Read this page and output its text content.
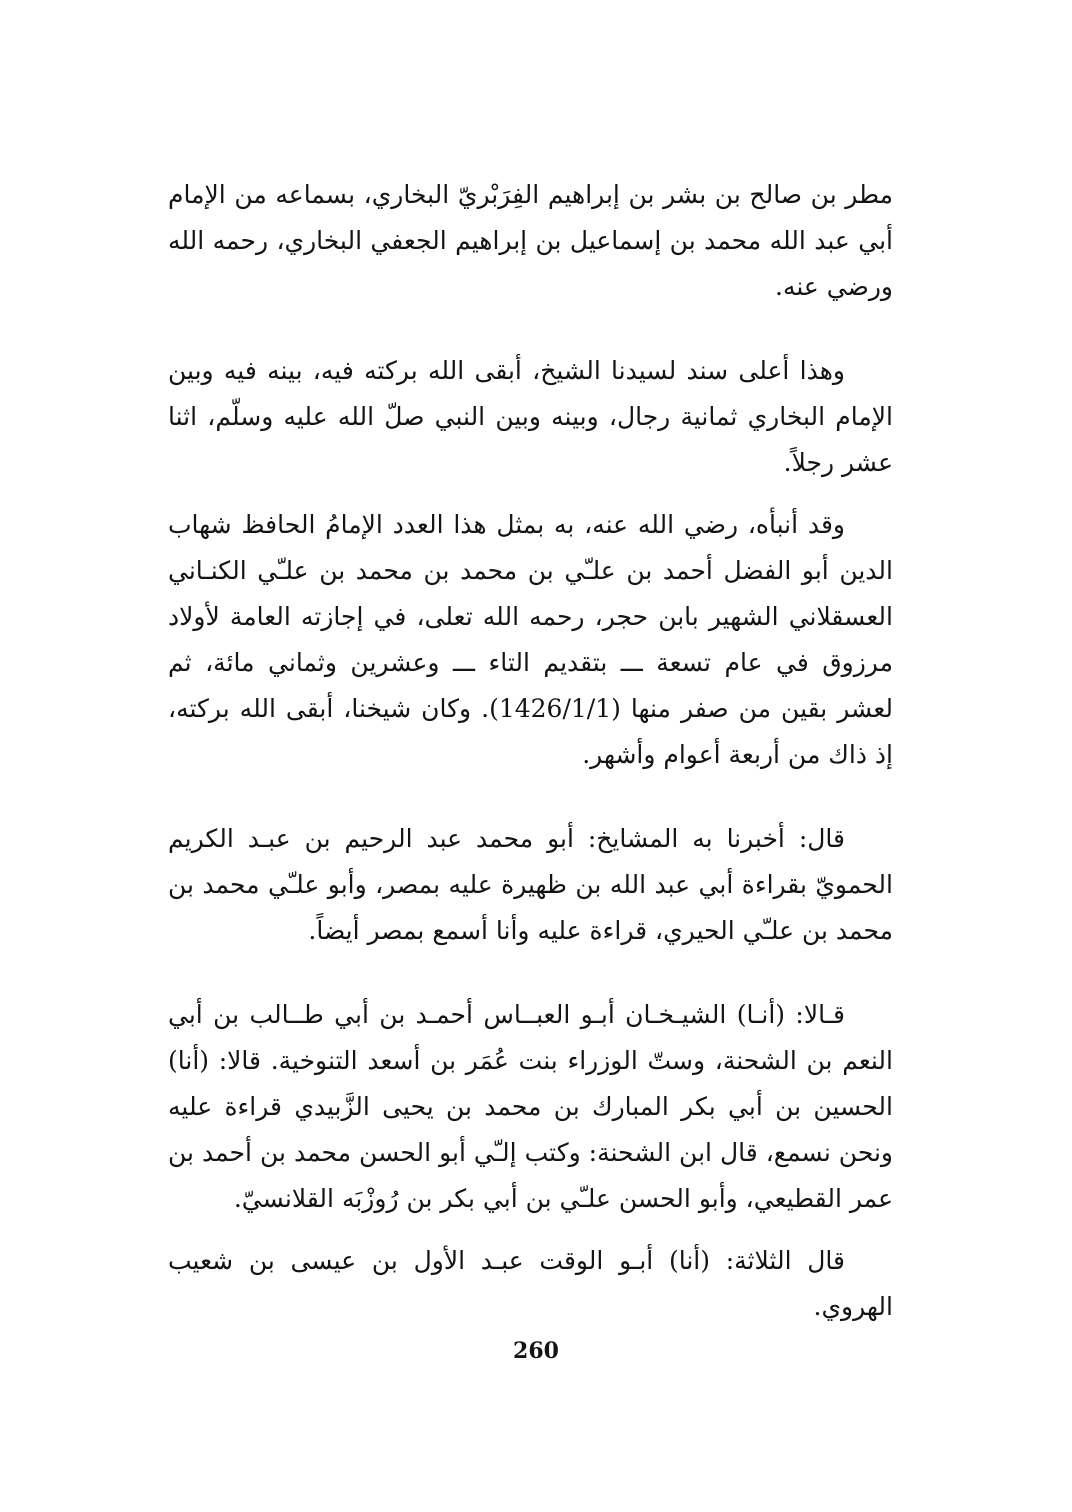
مطر بن صالح بن بشر بن إبراهيم الفِرَبْريّ البخاري، بسماعه من الإمام أبي عبد الله محمد بن إسماعيل بن إبراهيم الجعفي البخاري، رحمه الله ورضي عنه.

وهذا أعلى سند لسيدنا الشيخ، أبقى الله بركته فيه، بينه فيه وبين الإمام البخاري ثمانية رجال، وبينه وبين النبي صلّ الله عليه وسلّم، اثنا عشر رجلاً.

وقد أنبأه، رضي الله عنه، به بمثل هذا العدد الإمامُ الحافظ شهاب الدين أبو الفضل أحمد بن علـّي بن محمد بن محمد بن علـّي الكنـاني العسقلاني الشهير بابن حجر، رحمه الله تعلى، في إجازته العامة لأولاد مرزوق في عام تسعة ـــ بتقديم التاء ـــ وعشرين وثماني مائة، ثم لعشر بقين من صفر منها (1426/1/1). وكان شيخنا، أبقى الله بركته، إذ ذاك من أربعة أعوام وأشهر.

قال: أخبرنا به المشايخ: أبو محمد عبد الرحيم بن عبـد الكريم الحمويّ بقراءة أبي عبد الله بن ظهيرة عليه بمصر، وأبو علـّي محمد بن محمد بن علـّي الحيري، قراءة عليه وأنا أسمع بمصر أيضاً.

قـالا: (أنـا) الشيـخـان أبـو العبــاس أحمـد بن أبي طــالب بن أبي النعم بن الشحنة، وستّ الوزراء بنت عُمَر بن أسعد التنوخية. قالا: (أنا) الحسين بن أبي بكر المبارك بن محمد بن يحيى الزَّبيدي قراءة عليه ونحن نسمع، قال ابن الشحنة: وكتب إلـّي أبو الحسن محمد بن أحمد بن عمر القطيعي، وأبو الحسن علـّي بن أبي بكر بن رُوزْبَه القلانسيّ.

قال الثلاثة: (أنا) أبـو الوقت عبـد الأول بن عيسى بن شعيب الهروي.

260
